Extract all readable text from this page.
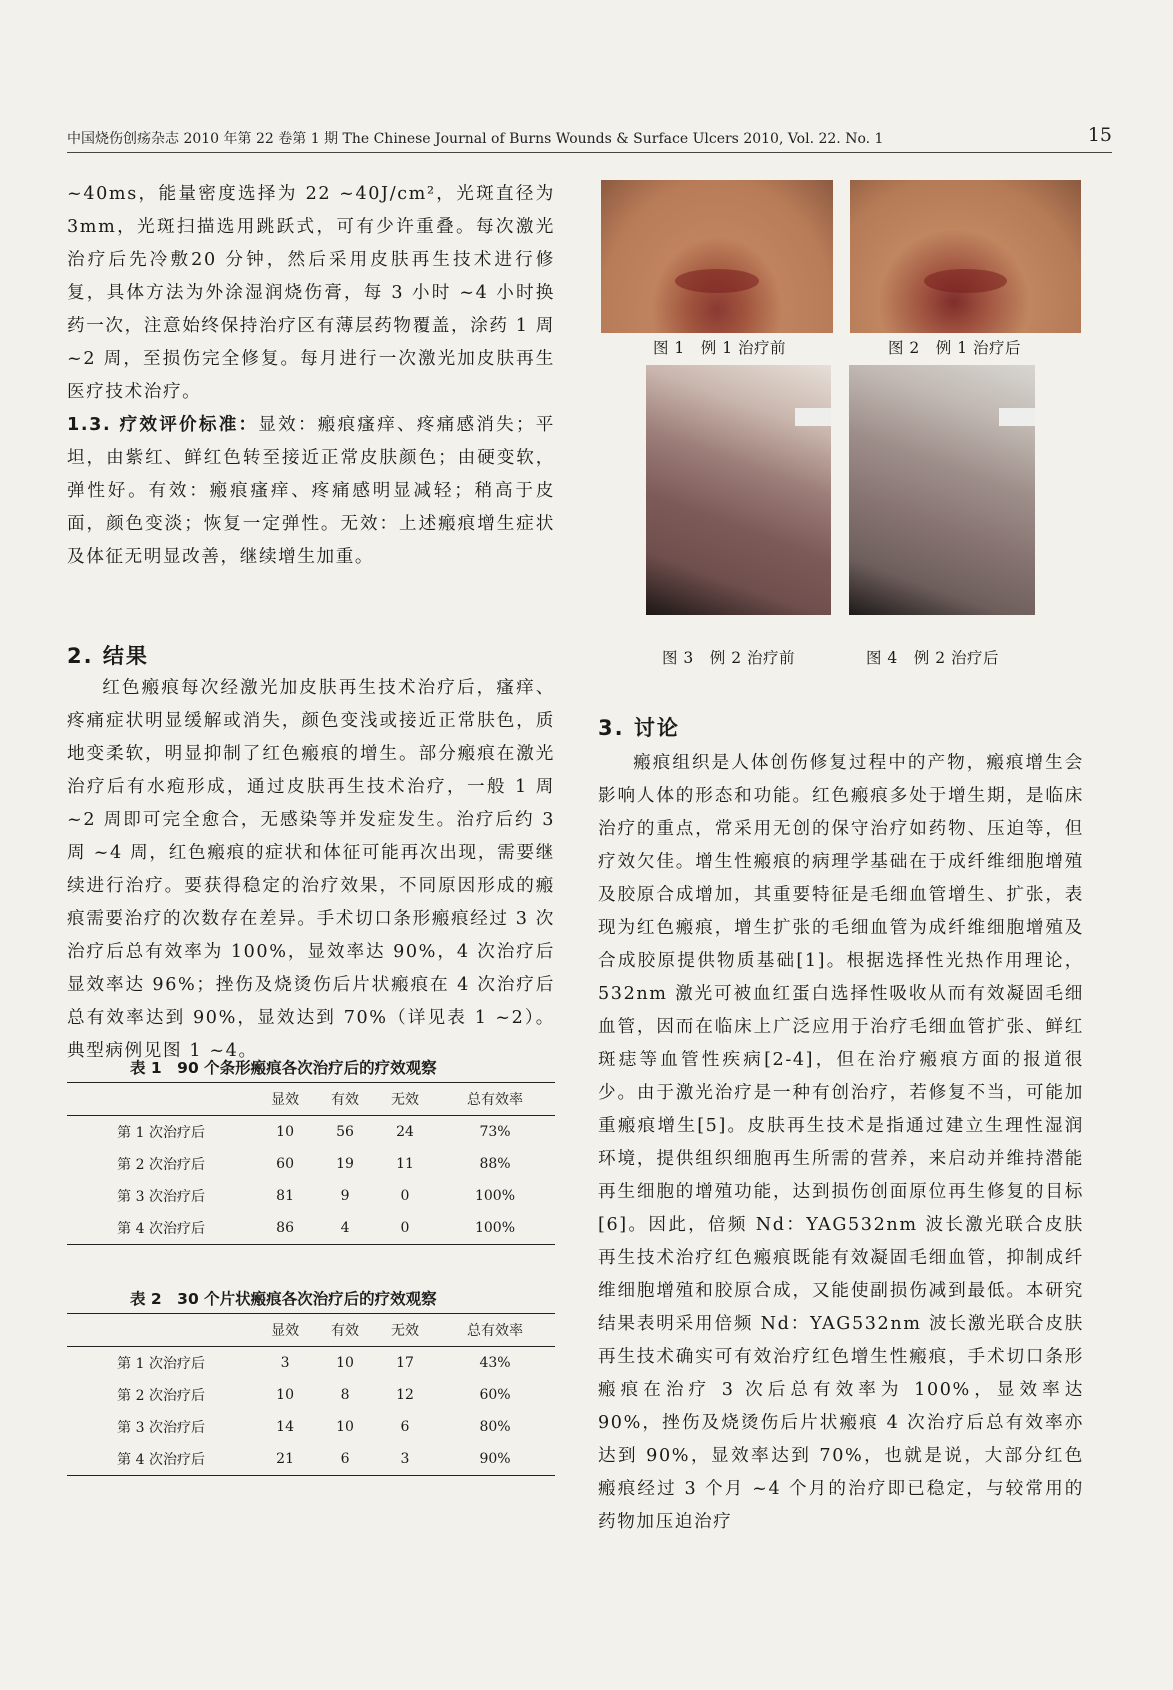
中国烧伤创疡杂志 2010 年第 22 卷第 1 期 The Chinese Journal of Burns Wounds & Surface Ulcers 2010, Vol. 22. No. 1	15

~40ms，能量密度选择为 22 ~40J/cm²，光斑直径为3mm，光斑扫描选用跳跃式，可有少许重叠。每次激光治疗后先冷敷20 分钟，然后采用皮肤再生技术进行修复，具体方法为外涂湿润烧伤膏，每 3 小时 ~4 小时换药一次，注意始终保持治疗区有薄层药物覆盖，涂药 1 周 ~2 周，至损伤完全修复。每月进行一次激光加皮肤再生医疗技术治疗。

1.3. 疗效评价标准：显效：瘢痕瘙痒、疼痛感消失；平坦，由紫红、鲜红色转至接近正常皮肤颜色；由硬变软，弹性好。有效：瘢痕瘙痒、疼痛感明显减轻；稍高于皮面，颜色变淡；恢复一定弹性。无效：上述瘢痕增生症状及体征无明显改善，继续增生加重。

2. 结果

红色瘢痕每次经激光加皮肤再生技术治疗后，瘙痒、疼痛症状明显缓解或消失，颜色变浅或接近正常肤色，质地变柔软，明显抑制了红色瘢痕的增生。部分瘢痕在激光治疗后有水疱形成，通过皮肤再生技术治疗，一般 1 周 ~2 周即可完全愈合，无感染等并发症发生。治疗后约 3 周 ~4 周，红色瘢痕的症状和体征可能再次出现，需要继续进行治疗。要获得稳定的治疗效果，不同原因形成的瘢痕需要治疗的次数存在差异。手术切口条形瘢痕经过 3 次治疗后总有效率为 100%，显效率达 90%，4 次治疗后显效率达 96%；挫伤及烧烫伤后片状瘢痕在 4 次治疗后总有效率达到 90%，显效达到 70%（详见表 1 ~2）。典型病例见图 1 ~4。

表 1　90 个条形瘢痕各次治疗后的疗效观察
	显效	有效	无效	总有效率
第 1 次治疗后	10	56	24	73%
第 2 次治疗后	60	19	11	88%
第 3 次治疗后	81	9	0	100%
第 4 次治疗后	86	4	0	100%
表 2　30 个片状瘢痕各次治疗后的疗效观察
	显效	有效	无效	总有效率
第 1 次治疗后	3	10	17	43%
第 2 次治疗后	10	8	12	60%
第 3 次治疗后	14	10	6	80%
第 4 次治疗后	21	6	3	90%
图 1　例 1 治疗前	图 2　例 1 治疗后
图 3　例 2 治疗前	图 4　例 2 治疗后
3. 讨论

瘢痕组织是人体创伤修复过程中的产物，瘢痕增生会影响人体的形态和功能。红色瘢痕多处于增生期，是临床治疗的重点，常采用无创的保守治疗如药物、压迫等，但疗效欠佳。增生性瘢痕的病理学基础在于成纤维细胞增殖及胶原合成增加，其重要特征是毛细血管增生、扩张，表现为红色瘢痕，增生扩张的毛细血管为成纤维细胞增殖及合成胶原提供物质基础[1]。根据选择性光热作用理论，532nm 激光可被血红蛋白选择性吸收从而有效凝固毛细血管，因而在临床上广泛应用于治疗毛细血管扩张、鲜红斑痣等血管性疾病[2-4]，但在治疗瘢痕方面的报道很少。由于激光治疗是一种有创治疗，若修复不当，可能加重瘢痕增生[5]。皮肤再生技术是指通过建立生理性湿润环境，提供组织细胞再生所需的营养，来启动并维持潜能再生细胞的增殖功能，达到损伤创面原位再生修复的目标[6]。因此，倍频 Nd：YAG532nm 波长激光联合皮肤再生技术治疗红色瘢痕既能有效凝固毛细血管，抑制成纤维细胞增殖和胶原合成，又能使副损伤减到最低。本研究结果表明采用倍频 Nd：YAG532nm 波长激光联合皮肤再生技术确实可有效治疗红色增生性瘢痕，手术切口条形瘢痕在治疗 3 次后总有效率为 100%，显效率达 90%，挫伤及烧烫伤后片状瘢痕 4 次治疗后总有效率亦达到 90%，显效率达到 70%，也就是说，大部分红色瘢痕经过 3 个月 ~4 个月的治疗即已稳定，与较常用的药物加压迫治疗
